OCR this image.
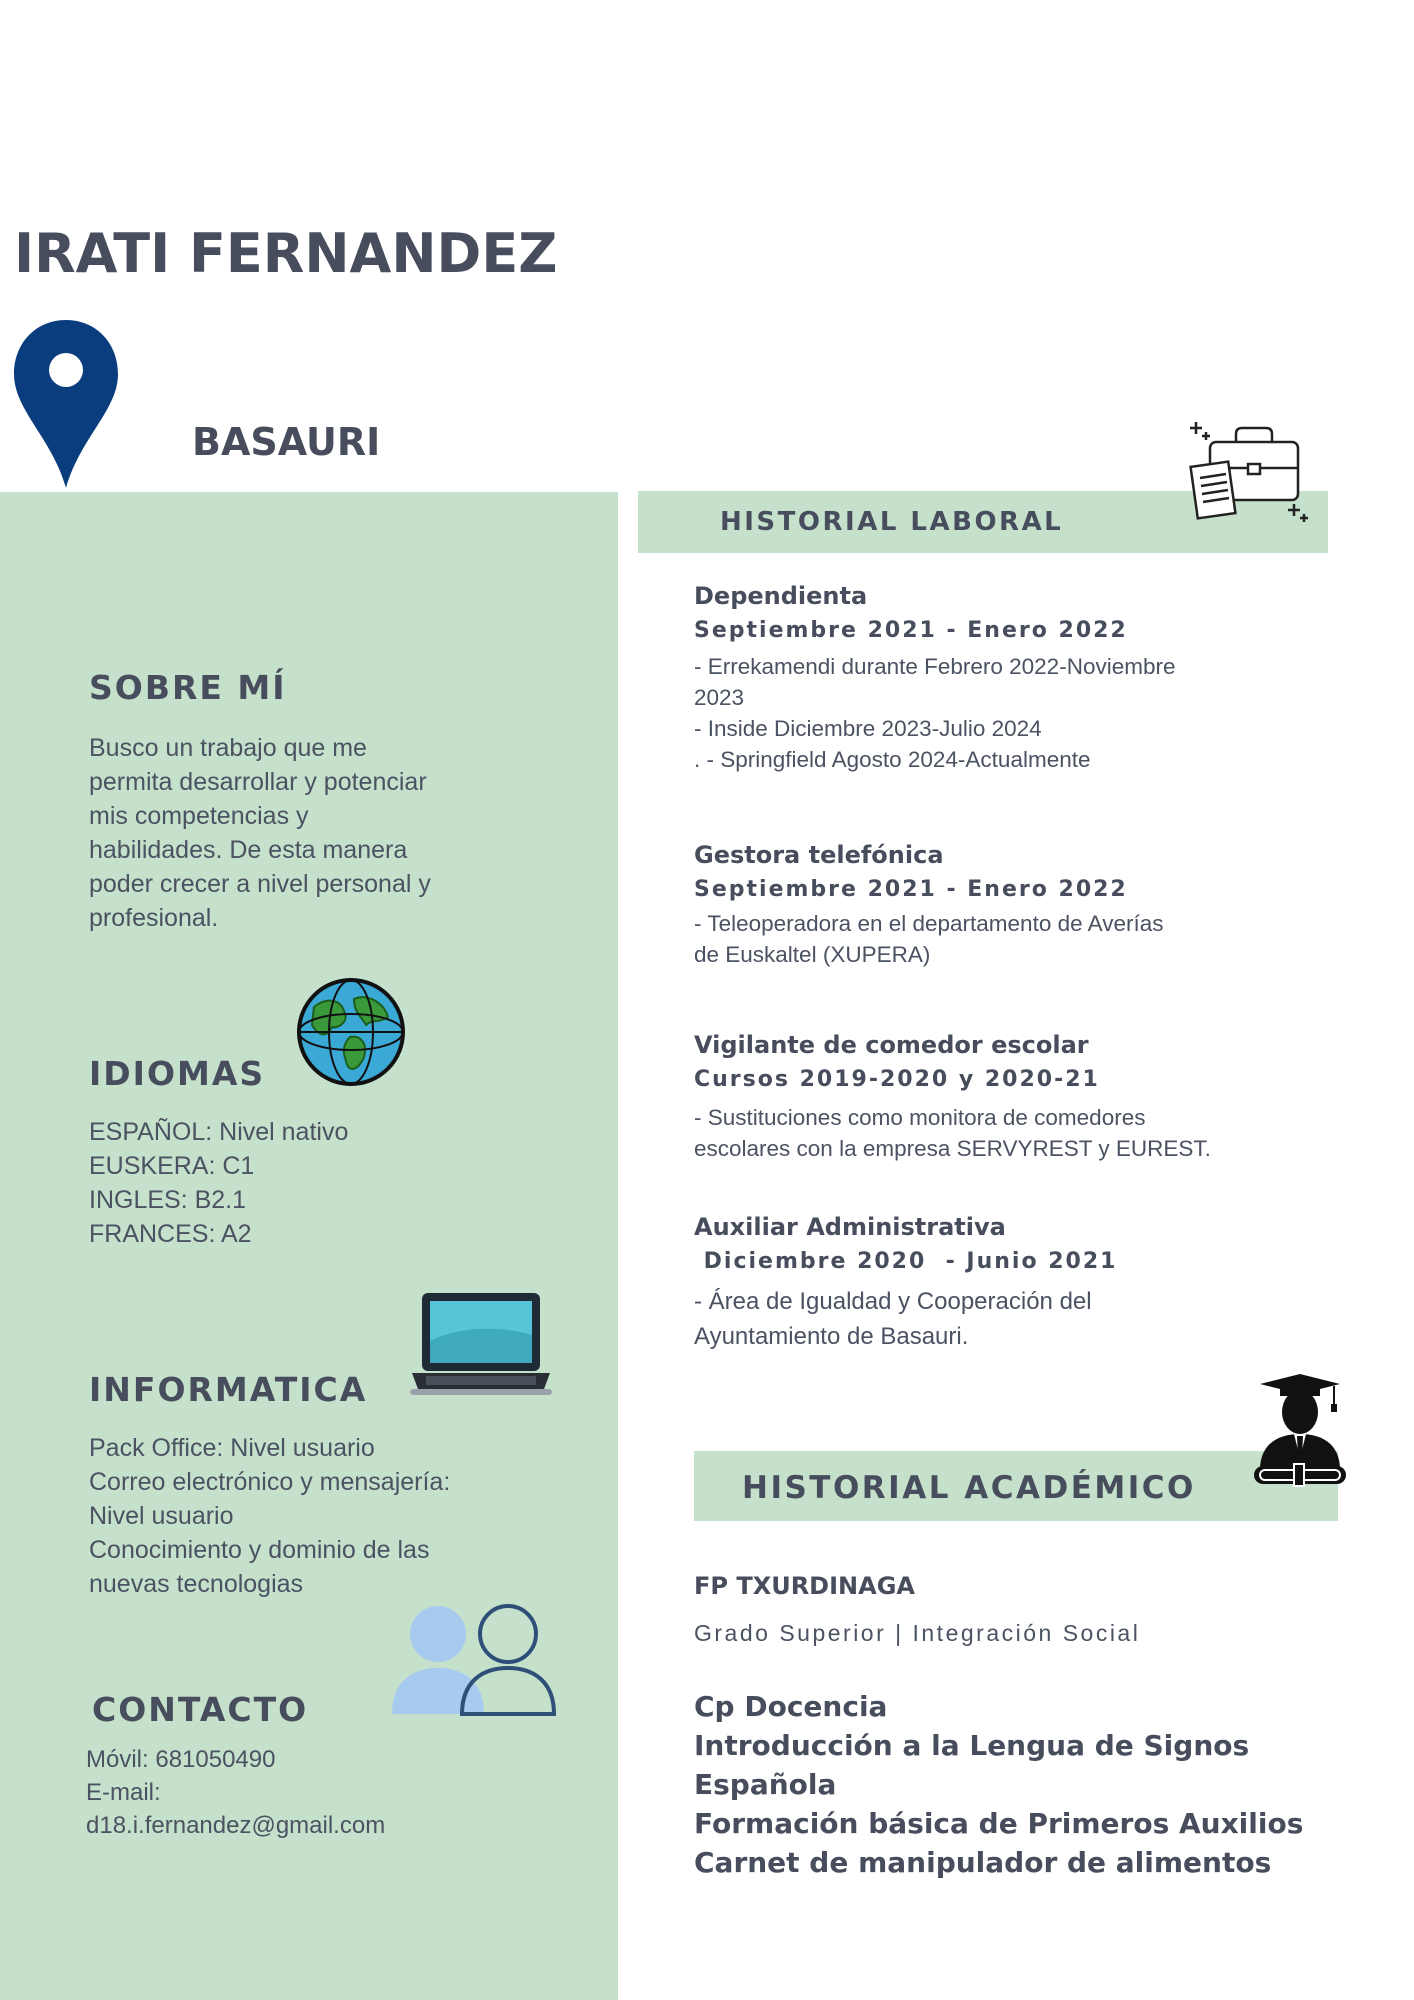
IRATI FERNANDEZ
BASAURI
SOBRE MÍ
Busco un trabajo que me
permita desarrollar y potenciar
mis competencias y
habilidades. De esta manera
poder crecer a nivel personal y
profesional.
IDIOMAS
ESPAÑOL: Nivel nativo
EUSKERA: C1
INGLES: B2.1
FRANCES: A2
INFORMATICA
Pack Office: Nivel usuario
Correo electrónico y mensajería:
Nivel usuario
Conocimiento y dominio de las
nuevas tecnologias
CONTACTO
Móvil: 681050490
E-mail:
d18.i.fernandez@gmail.com
HISTORIAL LABORAL
Dependienta
Septiembre 2021 - Enero 2022
- Errekamendi durante Febrero 2022-Noviembre
2023
- Inside Diciembre 2023-Julio 2024
. - Springfield Agosto 2024-Actualmente
Gestora telefónica
Septiembre 2021 - Enero 2022
- Teleoperadora en el departamento de Averías
de Euskaltel (XUPERA)
Vigilante de comedor escolar
Cursos 2019-2020 y 2020-21
- Sustituciones como monitora de comedores
escolares con la empresa SERVYREST y EUREST.
Auxiliar Administrativa
Diciembre 2020  - Junio 2021
- Área de Igualdad y Cooperación del
Ayuntamiento de Basauri.
HISTORIAL ACADÉMICO
FP TXURDINAGA
Grado Superior | Integración Social
Cp Docencia
Introducción a la Lengua de Signos
Española
Formación básica de Primeros Auxilios
Carnet de manipulador de alimentos
